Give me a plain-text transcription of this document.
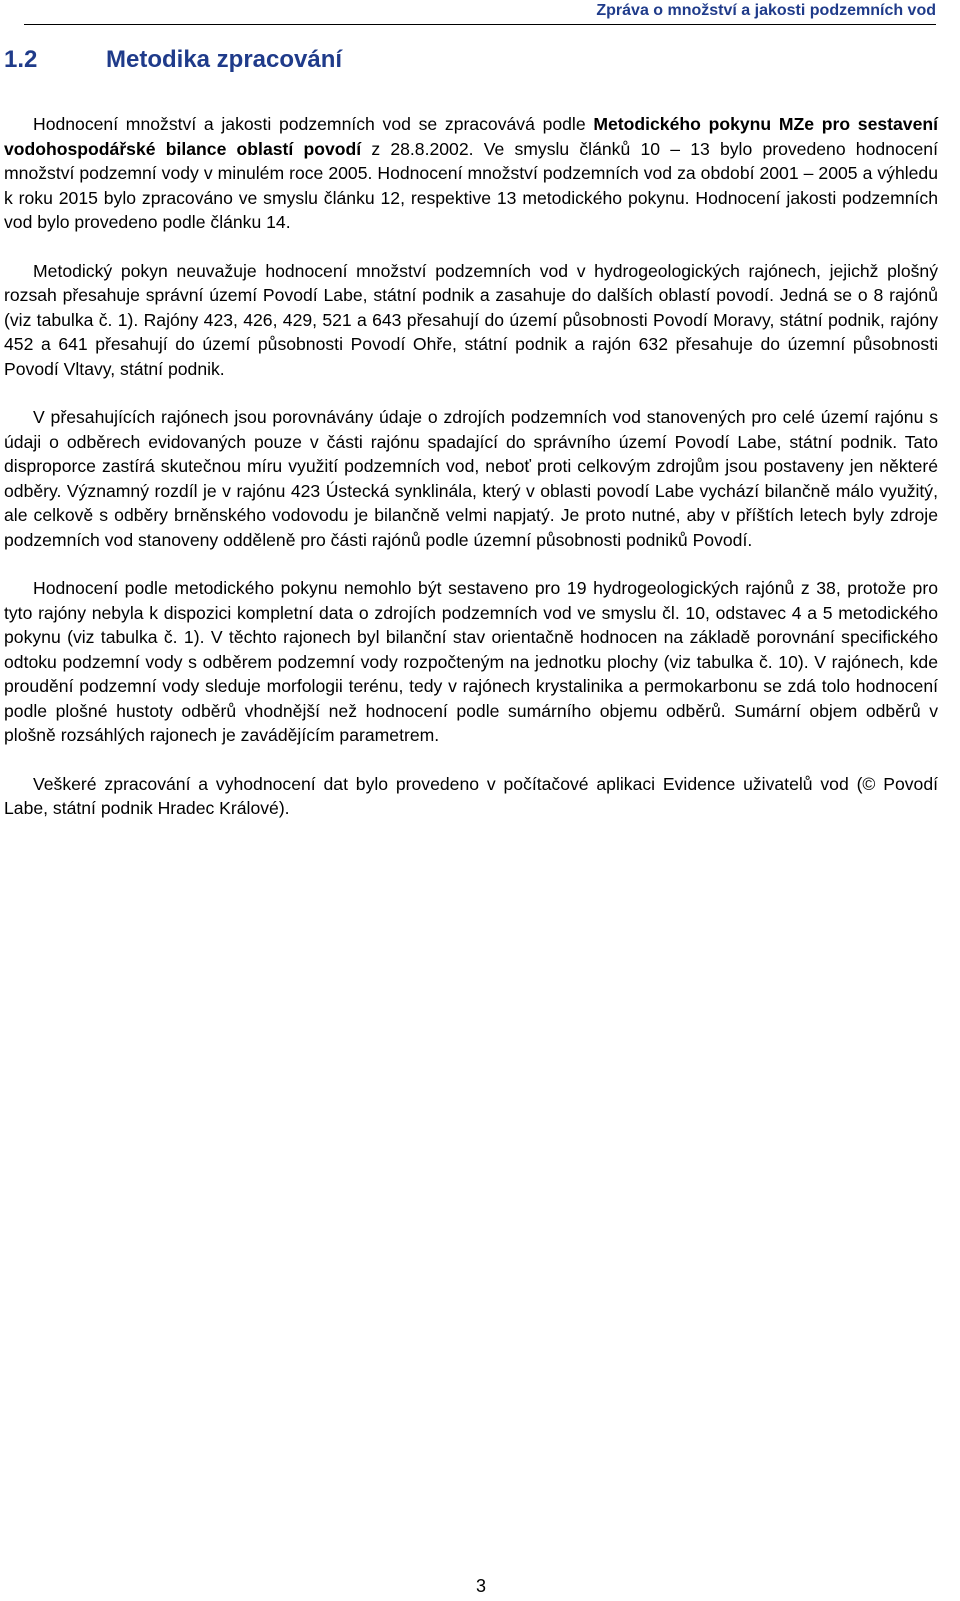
Zpráva o množství a jakosti podzemních vod
1.2	Metodika zpracování

Hodnocení množství a jakosti podzemních vod se zpracovává podle Metodického pokynu MZe pro sestavení vodohospodářské bilance oblastí povodí z 28.8.2002. Ve smyslu článků 10 – 13 bylo provedeno hodnocení množství podzemní vody v minulém roce 2005. Hodnocení množství podzemních vod za období 2001 – 2005 a výhledu k roku 2015 bylo zpracováno ve smyslu článku 12, respektive 13 metodického pokynu. Hodnocení jakosti podzemních vod bylo provedeno podle článku 14.

Metodický pokyn neuvažuje hodnocení množství podzemních vod v hydrogeologických rajónech, jejichž plošný rozsah přesahuje správní území Povodí Labe, státní podnik a zasahuje do dalších oblastí povodí. Jedná se o 8 rajónů (viz tabulka č. 1). Rajóny 423, 426, 429, 521 a 643 přesahují do území působnosti Povodí Moravy, státní podnik, rajóny 452 a 641 přesahují do území působnosti Povodí Ohře, státní podnik a rajón 632 přesahuje do územní působnosti Povodí Vltavy, státní podnik.

V přesahujících rajónech jsou porovnávány údaje o zdrojích podzemních vod stanovených pro celé území rajónu s údaji o odběrech evidovaných pouze v části rajónu spadající do správního území Povodí Labe, státní podnik. Tato disproporce zastírá skutečnou míru využití podzemních vod, neboť proti celkovým zdrojům jsou postaveny jen některé odběry. Významný rozdíl je v rajónu 423 Ústecká synklinála, který v oblasti povodí Labe vychází bilančně málo využitý, ale celkově s odběry brněnského vodovodu je bilančně velmi napjatý. Je proto nutné, aby v příštích letech byly zdroje podzemních vod stanoveny odděleně pro části rajónů podle územní působnosti podniků Povodí.

Hodnocení podle metodického pokynu nemohlo být sestaveno pro 19 hydrogeologických rajónů z 38, protože pro tyto rajóny nebyla k dispozici kompletní data o zdrojích podzemních vod ve smyslu čl. 10, odstavec 4 a 5 metodického pokynu (viz tabulka č. 1). V těchto rajonech byl bilanční stav orientačně hodnocen na základě porovnání specifického odtoku podzemní vody s odběrem podzemní vody rozpočteným na jednotku plochy (viz tabulka č. 10). V rajónech, kde proudění podzemní vody sleduje morfologii terénu, tedy v rajónech krystalinika a permokarbonu se zdá tolo hodnocení podle plošné hustoty odběrů vhodnější než hodnocení podle sumárního objemu odběrů. Sumární objem odběrů v plošně rozsáhlých rajonech je zavádějícím parametrem.

Veškeré zpracování a vyhodnocení dat bylo provedeno v počítačové aplikaci Evidence uživatelů vod (© Povodí Labe, státní podnik Hradec Králové).

3
